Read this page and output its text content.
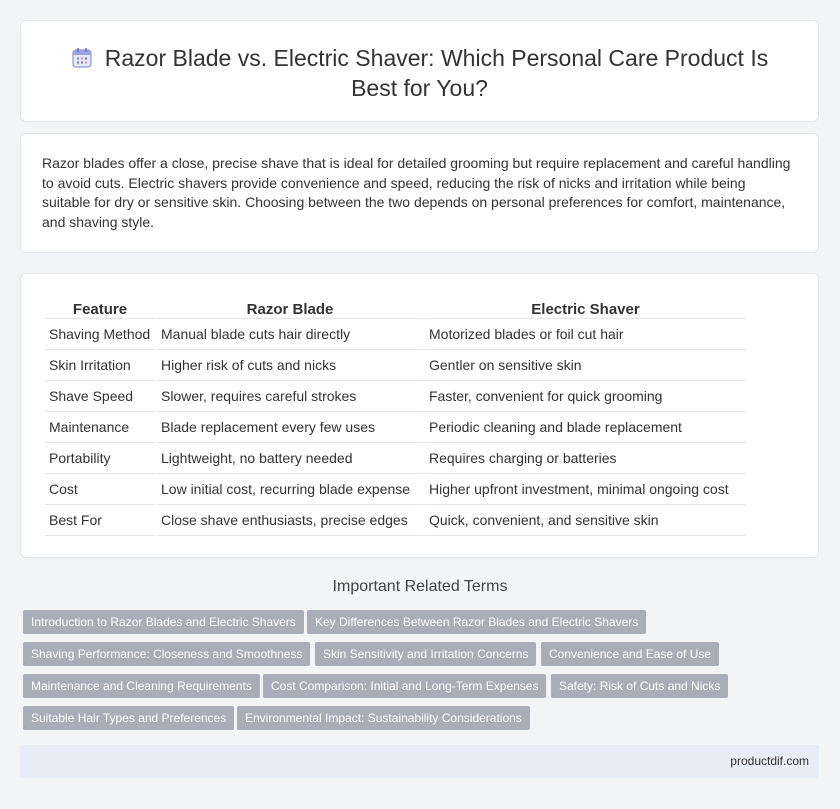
Razor Blade vs. Electric Shaver: Which Personal Care Product Is Best for You?
Razor blades offer a close, precise shave that is ideal for detailed grooming but require replacement and careful handling to avoid cuts. Electric shavers provide convenience and speed, reducing the risk of nicks and irritation while being suitable for dry or sensitive skin. Choosing between the two depends on personal preferences for comfort, maintenance, and shaving style.
Feature	Razor Blade	Electric Shaver
Shaving Method	Manual blade cuts hair directly	Motorized blades or foil cut hair
Skin Irritation	Higher risk of cuts and nicks	Gentler on sensitive skin
Shave Speed	Slower, requires careful strokes	Faster, convenient for quick grooming
Maintenance	Blade replacement every few uses	Periodic cleaning and blade replacement
Portability	Lightweight, no battery needed	Requires charging or batteries
Cost	Low initial cost, recurring blade expense	Higher upfront investment, minimal ongoing cost
Best For	Close shave enthusiasts, precise edges	Quick, convenient, and sensitive skin
Important Related Terms
Introduction to Razor Blades and Electric Shavers	Key Differences Between Razor Blades and Electric Shavers
Shaving Performance: Closeness and Smoothness	Skin Sensitivity and Irritation Concerns	Convenience and Ease of Use
Maintenance and Cleaning Requirements	Cost Comparison: Initial and Long-Term Expenses	Safety: Risk of Cuts and Nicks
Suitable Hair Types and Preferences	Environmental Impact: Sustainability Considerations
productdif.com
